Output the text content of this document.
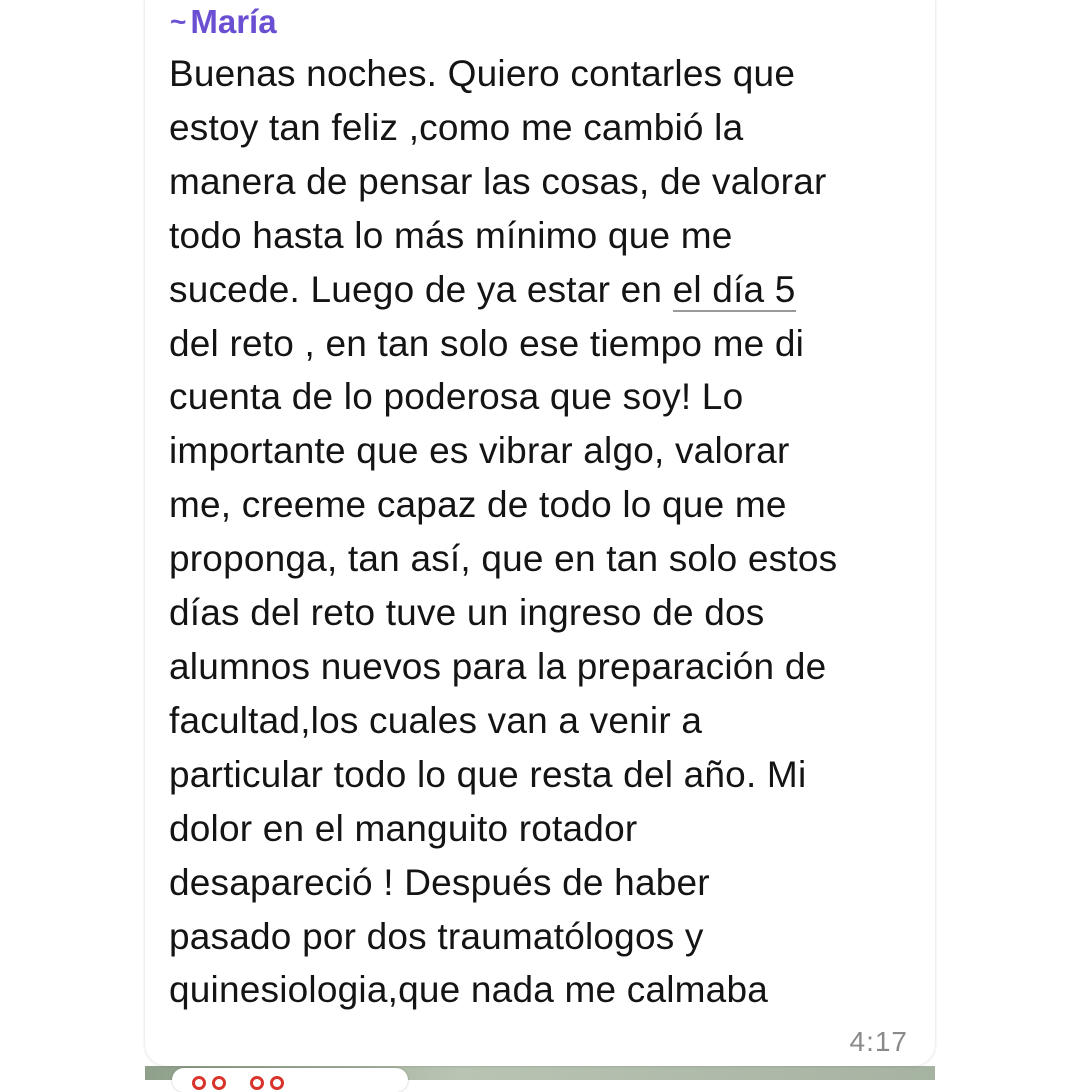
~ María
Buenas noches. Quiero contarles que
estoy tan feliz ,como me cambió la
manera de pensar las cosas, de valorar
todo hasta lo más mínimo que me
sucede. Luego de ya estar en el día 5
del reto , en tan solo ese tiempo me di
cuenta de lo poderosa que soy! Lo
importante que es vibrar algo, valorar
me, creeme capaz de todo lo que me
proponga, tan así, que en tan solo estos
días del reto tuve un ingreso de dos
alumnos nuevos para la preparación de
facultad,los cuales van a venir a
particular todo lo que resta del año. Mi
dolor en el manguito rotador
desapareció ! Después de haber
pasado por dos traumatólogos y
quinesiologia,que nada me calmaba
4:17
